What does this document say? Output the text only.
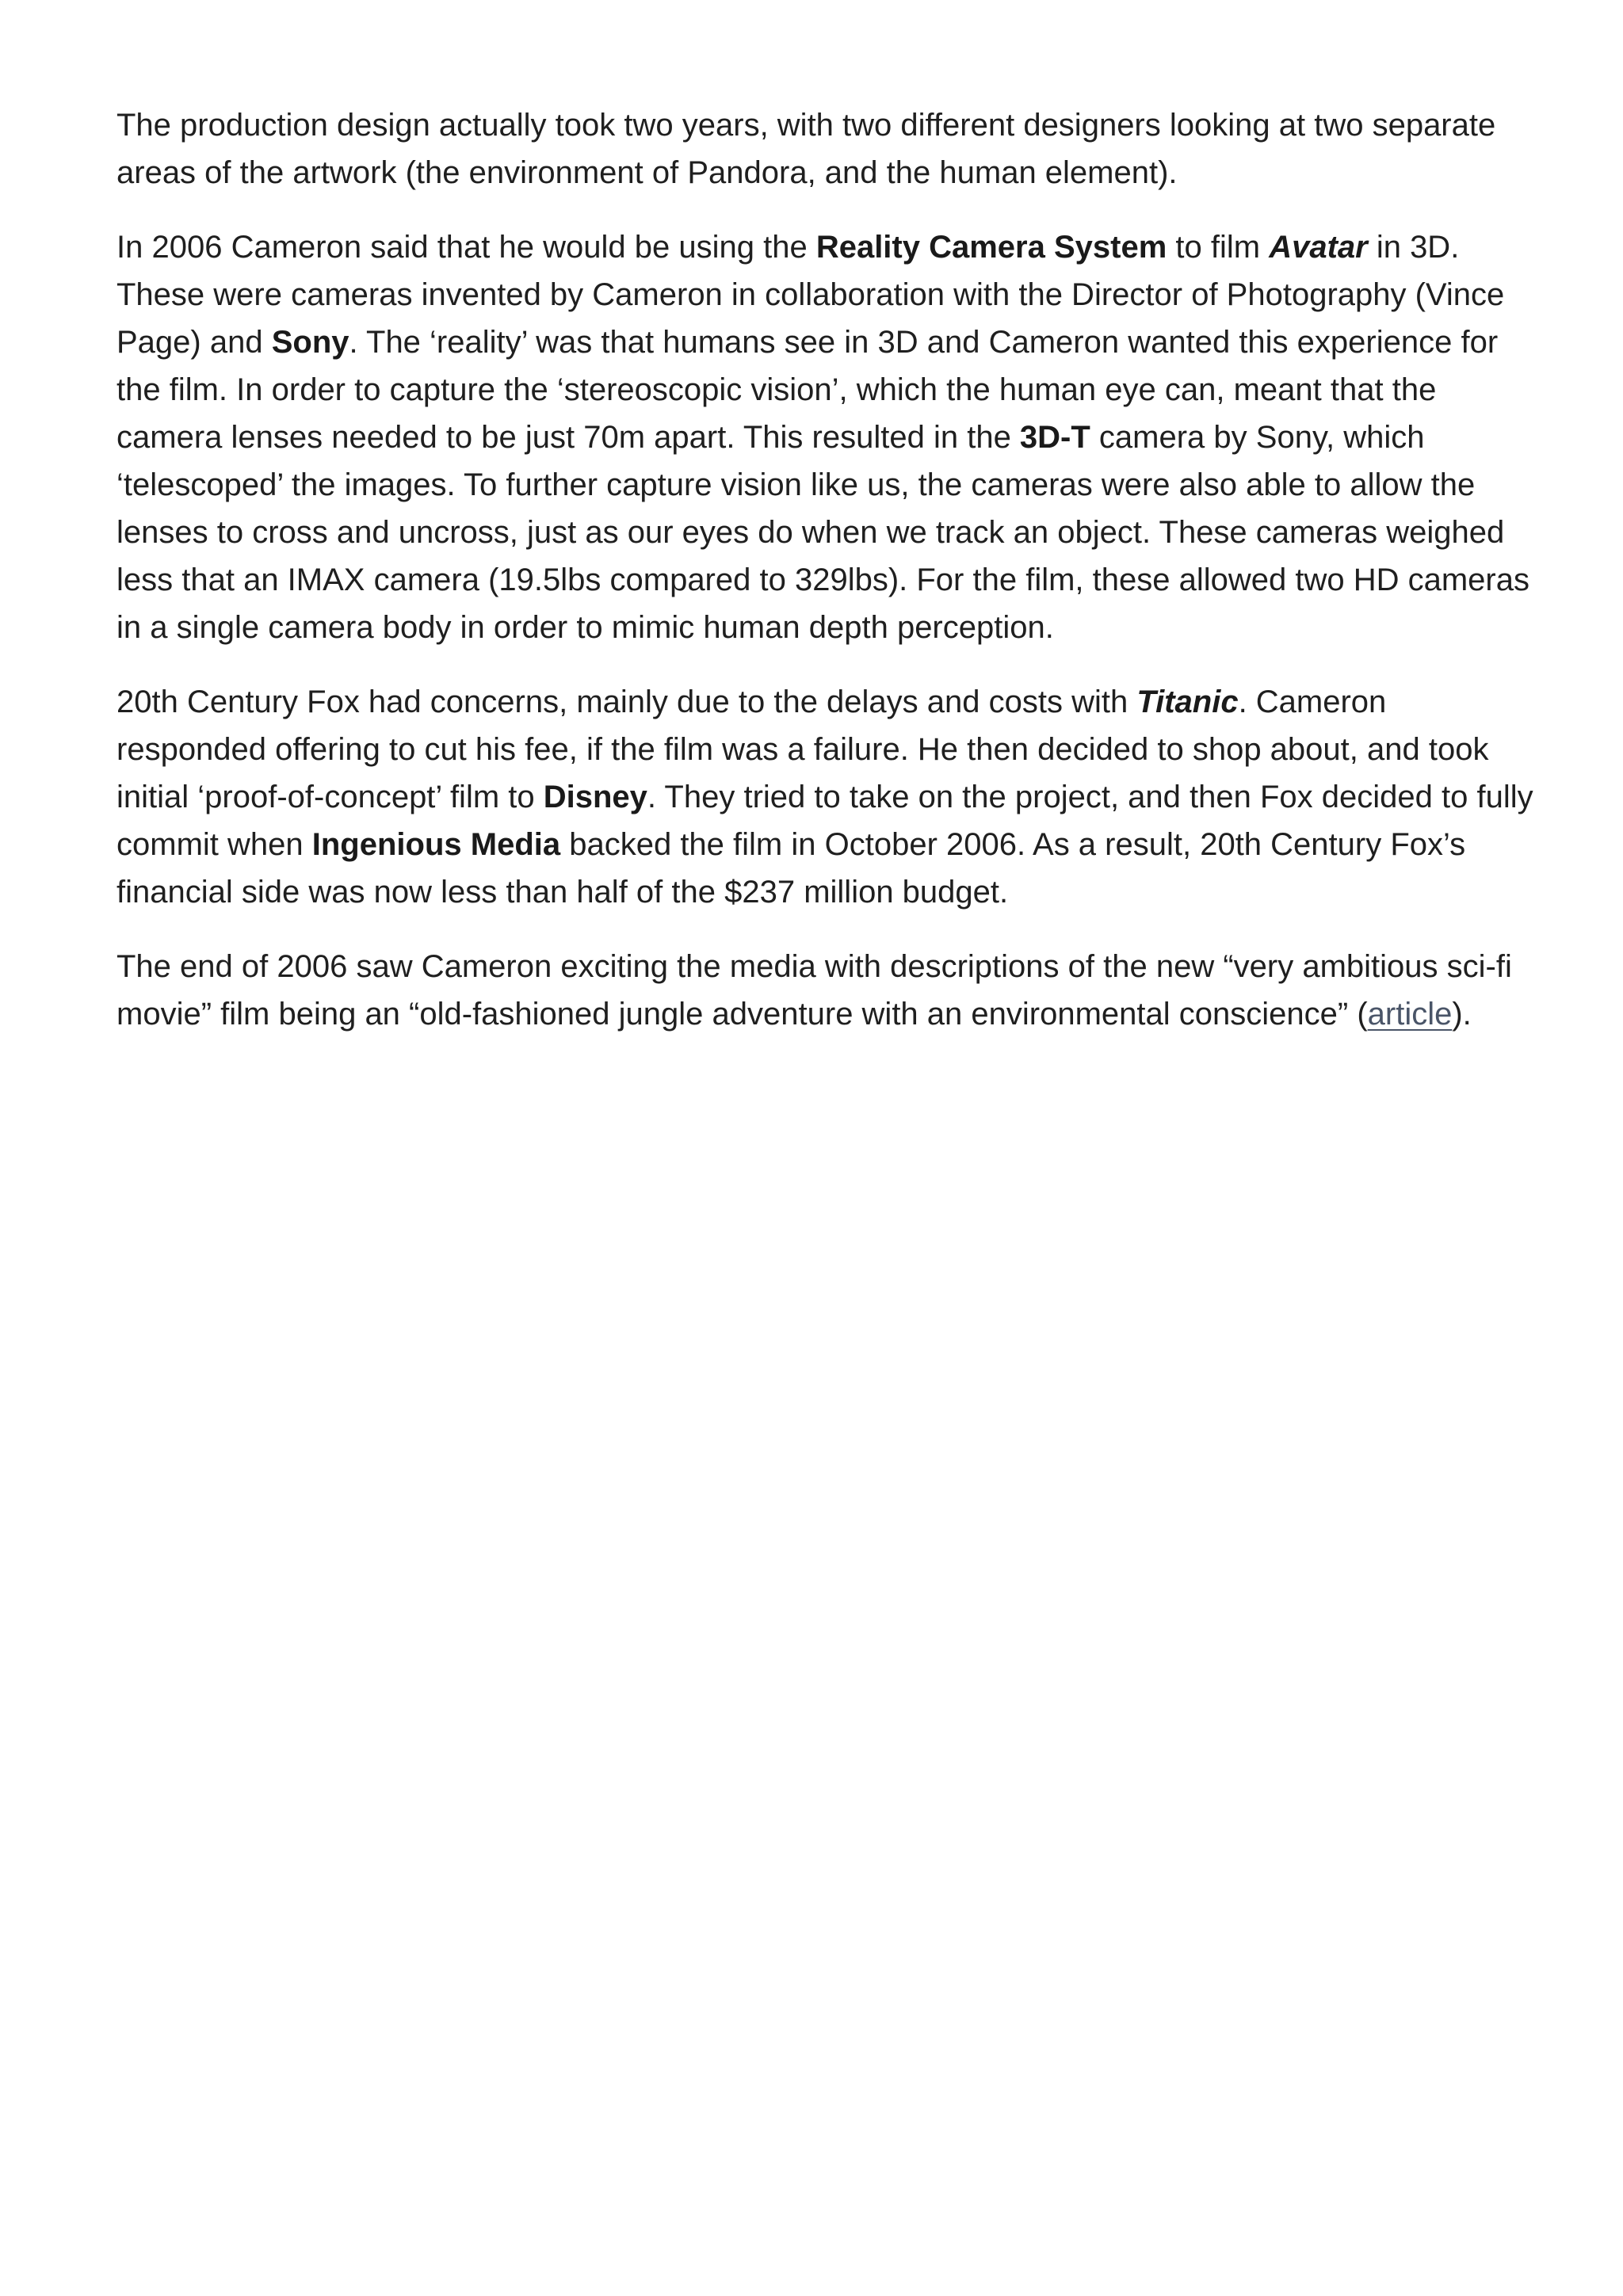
The production design actually took two years, with two different designers looking at two separate areas of the artwork (the environment of Pandora, and the human element).

In 2006 Cameron said that he would be using the Reality Camera System to film Avatar in 3D. These were cameras invented by Cameron in collaboration with the Director of Photography (Vince Page) and Sony. The ‘reality’ was that humans see in 3D and Cameron wanted this experience for the film. In order to capture the ‘stereoscopic vision’, which the human eye can, meant that the camera lenses needed to be just 70m apart. This resulted in the 3D-T camera by Sony, which ‘telescoped’ the images. To further capture vision like us, the cameras were also able to allow the lenses to cross and uncross, just as our eyes do when we track an object. These cameras weighed less that an IMAX camera (19.5lbs compared to 329lbs). For the film, these allowed two HD cameras in a single camera body in order to mimic human depth perception.

20th Century Fox had concerns, mainly due to the delays and costs with Titanic. Cameron responded offering to cut his fee, if the film was a failure. He then decided to shop about, and took initial ‘proof-of-concept’ film to Disney. They tried to take on the project, and then Fox decided to fully commit when Ingenious Media backed the film in October 2006. As a result, 20th Century Fox’s financial side was now less than half of the $237 million budget.

The end of 2006 saw Cameron exciting the media with descriptions of the new “very ambitious sci-fi movie” film being an “old-fashioned jungle adventure with an environmental conscience” (article).
